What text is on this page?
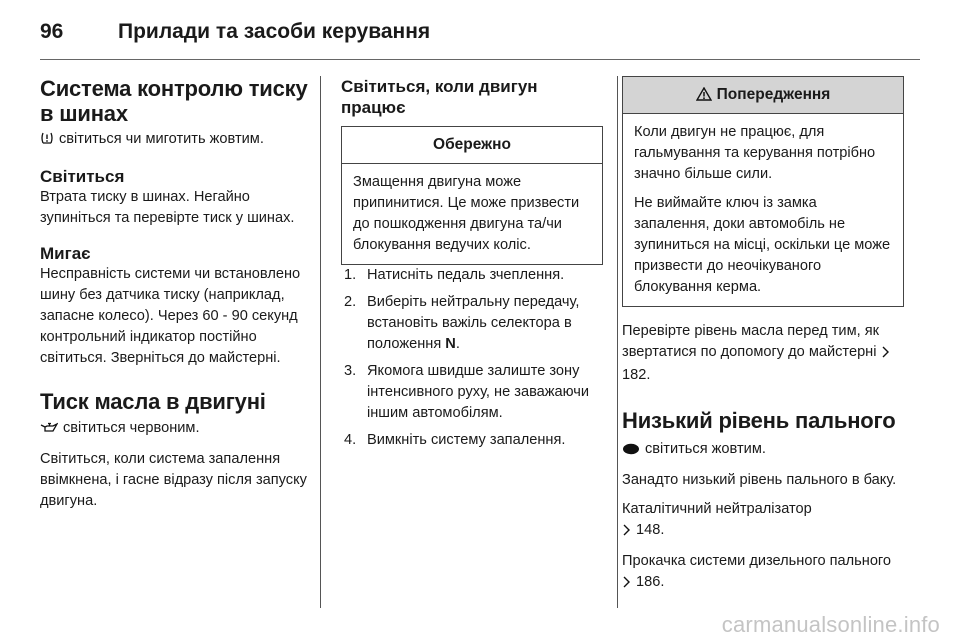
96	Прилади та засоби керування
Система контролю тиску в шинах

світиться чи миготить жовтим.

Світиться

Втрата тиску в шинах. Негайно зупиніться та перевірте тиск у шинах.

Мигає

Несправність системи чи встановлено шину без датчика тиску (наприклад, запасне колесо). Через 60 - 90 секунд контрольний індикатор постійно світиться. Зверніться до майстерні.

Тиск масла в двигуні

світиться червоним.

Світиться, коли система запалення ввімкнена, і гасне відразу після запуску двигуна.

Світиться, коли двигун працює
Обережно

Змащення двигуна може припинитися. Це може призвести до пошкодження двигуна та/чи блокування ведучих коліс.

1. Натисніть педаль зчеплення.
2. Виберіть нейтральну передачу, встановіть важіль селектора в положення N.
3. Якомога швидше залиште зону інтенсивного руху, не заважаючи іншим автомобілям.
4. Вимкніть систему запалення.
Попередження

Коли двигун не працює, для гальмування та керування потрібно значно більше сили.

Не виймайте ключ із замка запалення, доки автомобіль не зупиниться на місці, оскільки це може призвести до неочікуваного блокування керма.

Перевірте рівень масла перед тим, як звертатися по допомогу до майстерні 182.

Низький рівень пального

світиться жовтим.

Занадто низький рівень пального в баку.

Каталітичний нейтралізатор
148.

Прокачка системи дизельного пального 186.

carmanualsonline.info
